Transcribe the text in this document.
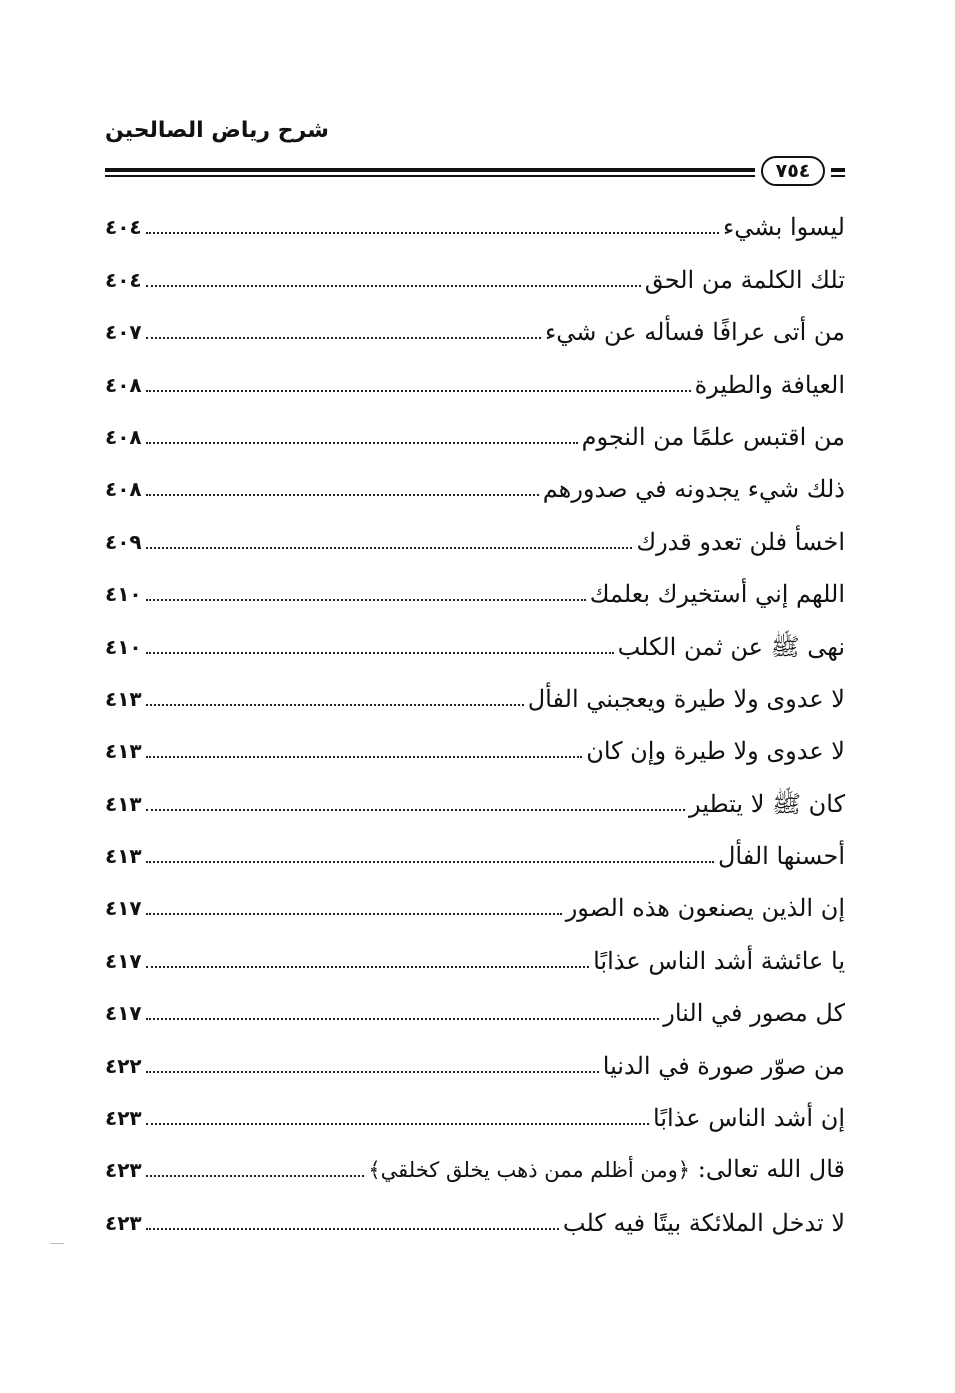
شرح رياض الصالحين
٧٥٤
ليسوا بشيء
٤٠٤
تلك الكلمة من الحق
٤٠٤
من أتى عرافًا فسأله عن شيء
٤٠٧
العيافة والطيرة
٤٠٨
من اقتبس علمًا من النجوم
٤٠٨
ذلك شيء يجدونه في صدورهم
٤٠٨
اخسأ فلن تعدو قدرك
٤٠٩
اللهم إني أستخيرك بعلمك
٤١٠
نهى ﷺ عن ثمن الكلب
٤١٠
لا عدوى ولا طيرة ويعجبني الفأل
٤١٣
لا عدوى ولا طيرة وإن كان
٤١٣
كان ﷺ لا يتطير
٤١٣
أحسنها الفأل
٤١٣
إن الذين يصنعون هذه الصور
٤١٧
يا عائشة أشد الناس عذابًا
٤١٧
كل مصور في النار
٤١٧
من صوّر صورة في الدنيا
٤٢٢
إن أشد الناس عذابًا
٤٢٣
قال الله تعالى: ﴿ومن أظلم ممن ذهب يخلق كخلقي﴾
٤٢٣
لا تدخل الملائكة بيتًا فيه كلب
٤٢٣
